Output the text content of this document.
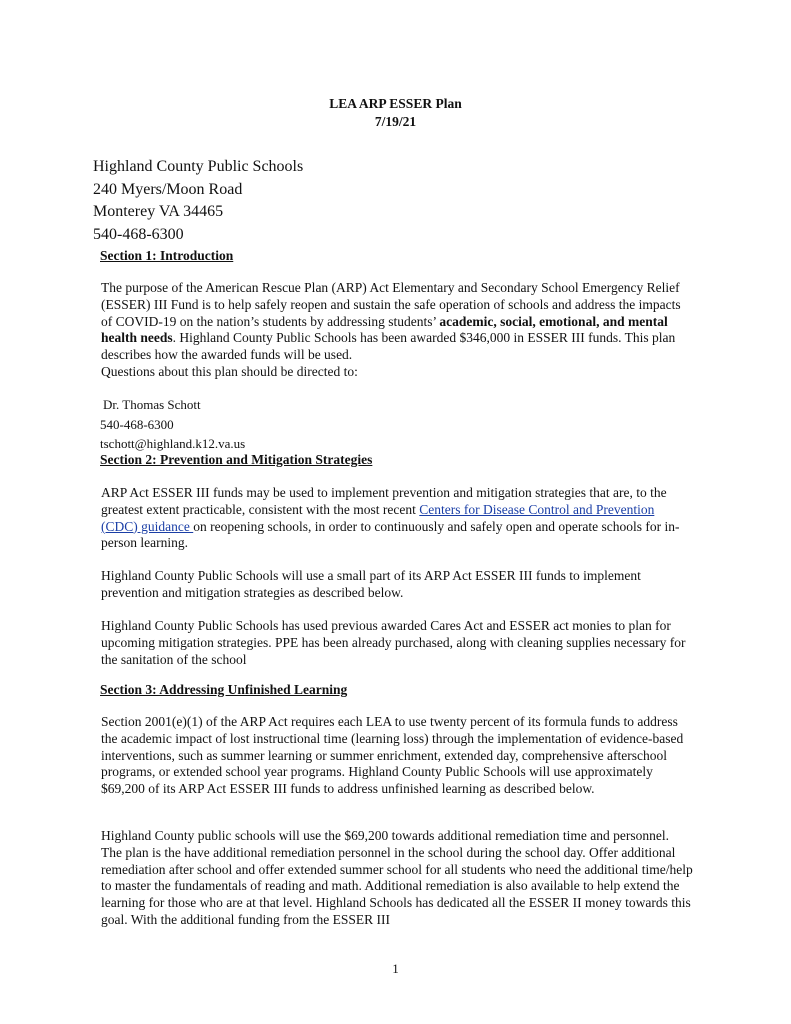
LEA ARP ESSER Plan
7/19/21
Highland County Public Schools
240 Myers/Moon Road
Monterey VA 34465
540-468-6300
Section 1: Introduction
The purpose of the American Rescue Plan (ARP) Act Elementary and Secondary School Emergency Relief (ESSER) III Fund is to help safely reopen and sustain the safe operation of schools and address the impacts of COVID-19 on the nation’s students by addressing students’ academic, social, emotional, and mental health needs. Highland County Public Schools has been awarded $346,000 in ESSER III funds. This plan describes how the awarded funds will be used.
Questions about this plan should be directed to:
Dr. Thomas Schott
540-468-6300
tschott@highland.k12.va.us
Section 2: Prevention and Mitigation Strategies
ARP Act ESSER III funds may be used to implement prevention and mitigation strategies that are, to the greatest extent practicable, consistent with the most recent Centers for Disease Control and Prevention (CDC) guidance on reopening schools, in order to continuously and safely open and operate schools for in-person learning.
Highland County Public Schools will use a small part of its ARP Act ESSER III funds to implement prevention and mitigation strategies as described below.
Highland County Public Schools has used previous awarded Cares Act and ESSER act monies to plan for upcoming mitigation strategies. PPE has been already purchased, along with cleaning supplies necessary for the sanitation of the school
Section 3: Addressing Unfinished Learning
Section 2001(e)(1) of the ARP Act requires each LEA to use twenty percent of its formula funds to address the academic impact of lost instructional time (learning loss) through the implementation of evidence-based interventions, such as summer learning or summer enrichment, extended day, comprehensive afterschool programs, or extended school year programs. Highland County Public Schools will use approximately $69,200 of its ARP Act ESSER III funds to address unfinished learning as described below.
Highland County public schools will use the $69,200 towards additional remediation time and personnel. The plan is the have additional remediation personnel in the school during the school day. Offer additional remediation after school and offer extended summer school for all students who need the additional time/help to master the fundamentals of reading and math. Additional remediation is also available to help extend the learning for those who are at that level. Highland Schools has dedicated all the ESSER II money towards this goal. With the additional funding from the ESSER III
1
